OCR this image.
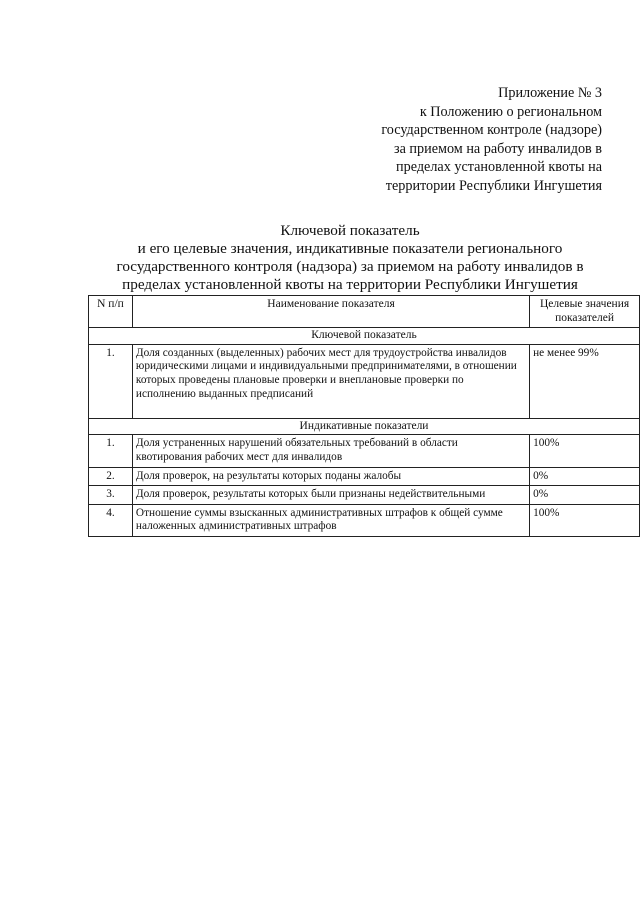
Приложение № 3
к Положению о региональном
государственном контроле (надзоре)
за приемом на работу инвалидов в
пределах установленной квоты на
территории Республики Ингушетия
Ключевой показатель
и его целевые значения, индикативные показатели регионального
государственного контроля (надзора) за приемом на работу инвалидов в
пределах установленной квоты на территории Республики Ингушетия
N п/п	Наименование показателя	Целевые значения показателей
Ключевой показатель		
1.	Доля созданных (выделенных) рабочих мест для трудоустройства инвалидов юридическими лицами и индивидуальными предпринимателями, в отношении которых проведены плановые проверки и внеплановые проверки по исполнению выданных предписаний	не менее 99%
Индикативные показатели		
1.	Доля устраненных нарушений обязательных требований в области квотирования рабочих мест для инвалидов	100%
2.	Доля проверок, на результаты которых поданы жалобы	0%
3.	Доля проверок, результаты которых были признаны недействительными	0%
4.	Отношение суммы взысканных административных штрафов к общей сумме наложенных административных штрафов	100%
